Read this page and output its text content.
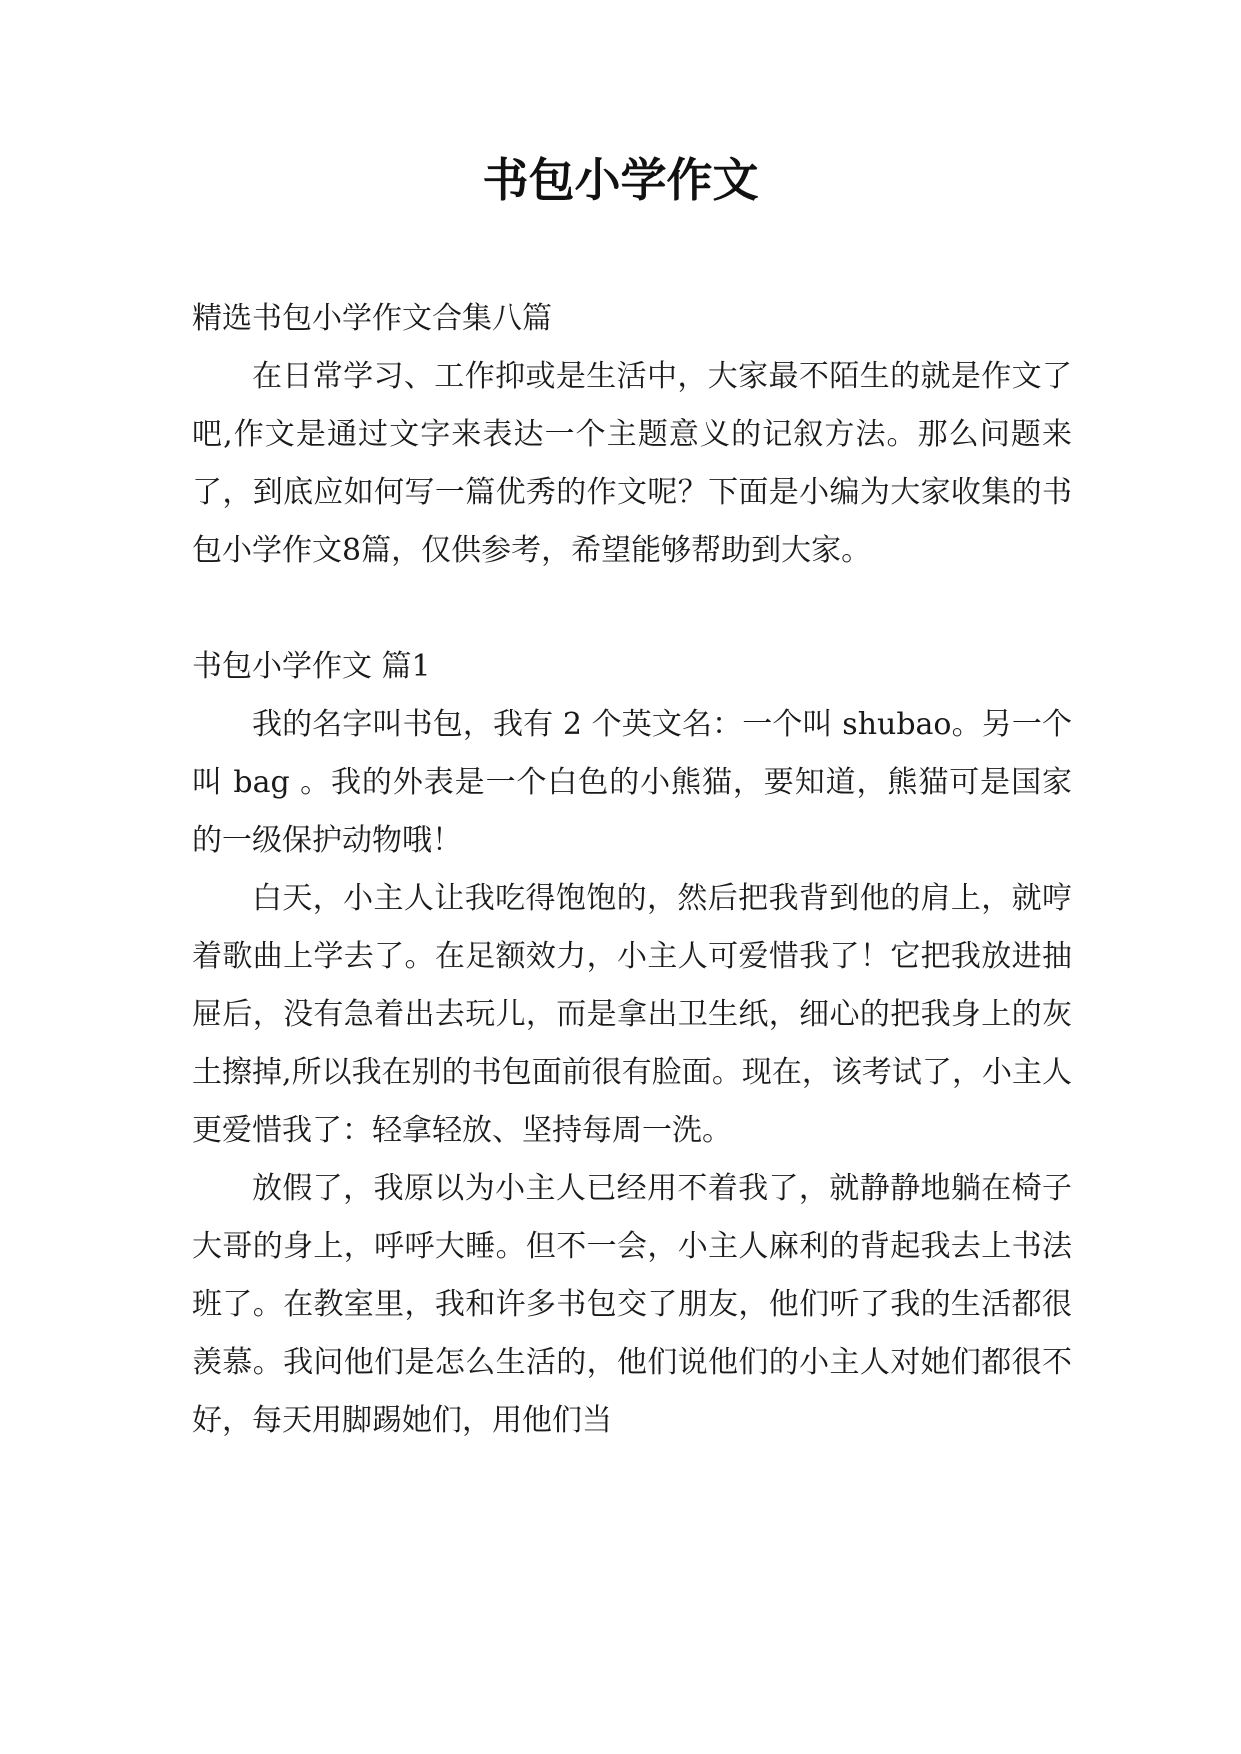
书包小学作文

精选书包小学作文合集八篇

在日常学习、工作抑或是生活中，大家最不陌生的就是作文了吧,作文是通过文字来表达一个主题意义的记叙方法。那么问题来了，到底应如何写一篇优秀的作文呢？下面是小编为大家收集的书包小学作文8篇，仅供参考，希望能够帮助到大家。

书包小学作文 篇1

我的名字叫书包，我有 2 个英文名：一个叫 shubao。另一个叫 bag 。我的外表是一个白色的小熊猫，要知道，熊猫可是国家的一级保护动物哦！

白天，小主人让我吃得饱饱的，然后把我背到他的肩上，就哼着歌曲上学去了。在足额效力，小主人可爱惜我了！它把我放进抽屉后，没有急着出去玩儿，而是拿出卫生纸，细心的把我身上的灰土擦掉,所以我在别的书包面前很有脸面。现在，该考试了，小主人更爱惜我了：轻拿轻放、坚持每周一洗。

放假了，我原以为小主人已经用不着我了，就静静地躺在椅子大哥的身上，呼呼大睡。但不一会，小主人麻利的背起我去上书法班了。在教室里，我和许多书包交了朋友，他们听了我的生活都很羡慕。我问他们是怎么生活的，他们说他们的小主人对她们都很不好，每天用脚踢她们，用他们当
